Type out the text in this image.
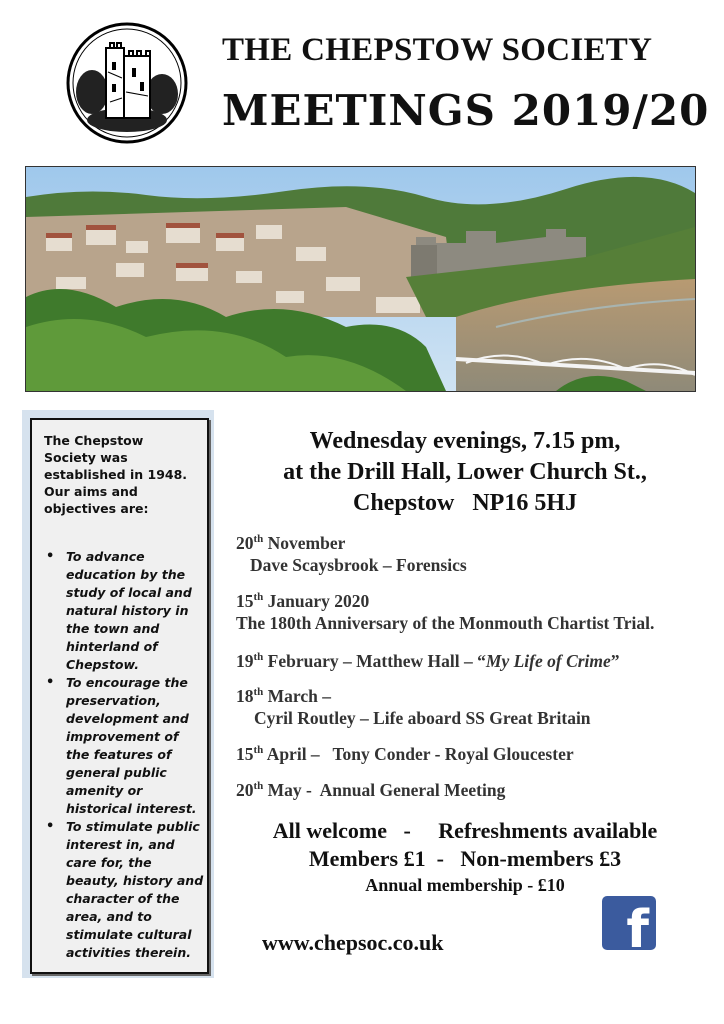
THE CHEPSTOW SOCIETY
MEETINGS 2019/20

The Chepstow Society was established in 1948. Our aims and objectives are:

• To advance education by the study of local and natural history in the town and hinterland of Chepstow.
• To encourage the preservation, development and improvement of the features of general public amenity or historical interest.
• To stimulate public interest in, and care for, the beauty, history and character of the area, and to stimulate cultural activities therein.
Wednesday evenings, 7.15 pm,
at the Drill Hall, Lower Church St.,
Chepstow   NP16 5HJ
20th November
Dave Scaysbrook – Forensics
15th January 2020
The 180th Anniversary of the Monmouth Chartist Trial.
19th February – Matthew Hall – “My Life of Crime”
18th March –
Cyril Routley – Life aboard SS Great Britain
15th April –   Tony Conder - Royal Gloucester
20th May -  Annual General Meeting
All welcome   -     Refreshments available
Members £1  -   Non-members £3
Annual membership - £10
www.chepsoc.co.uk	f
